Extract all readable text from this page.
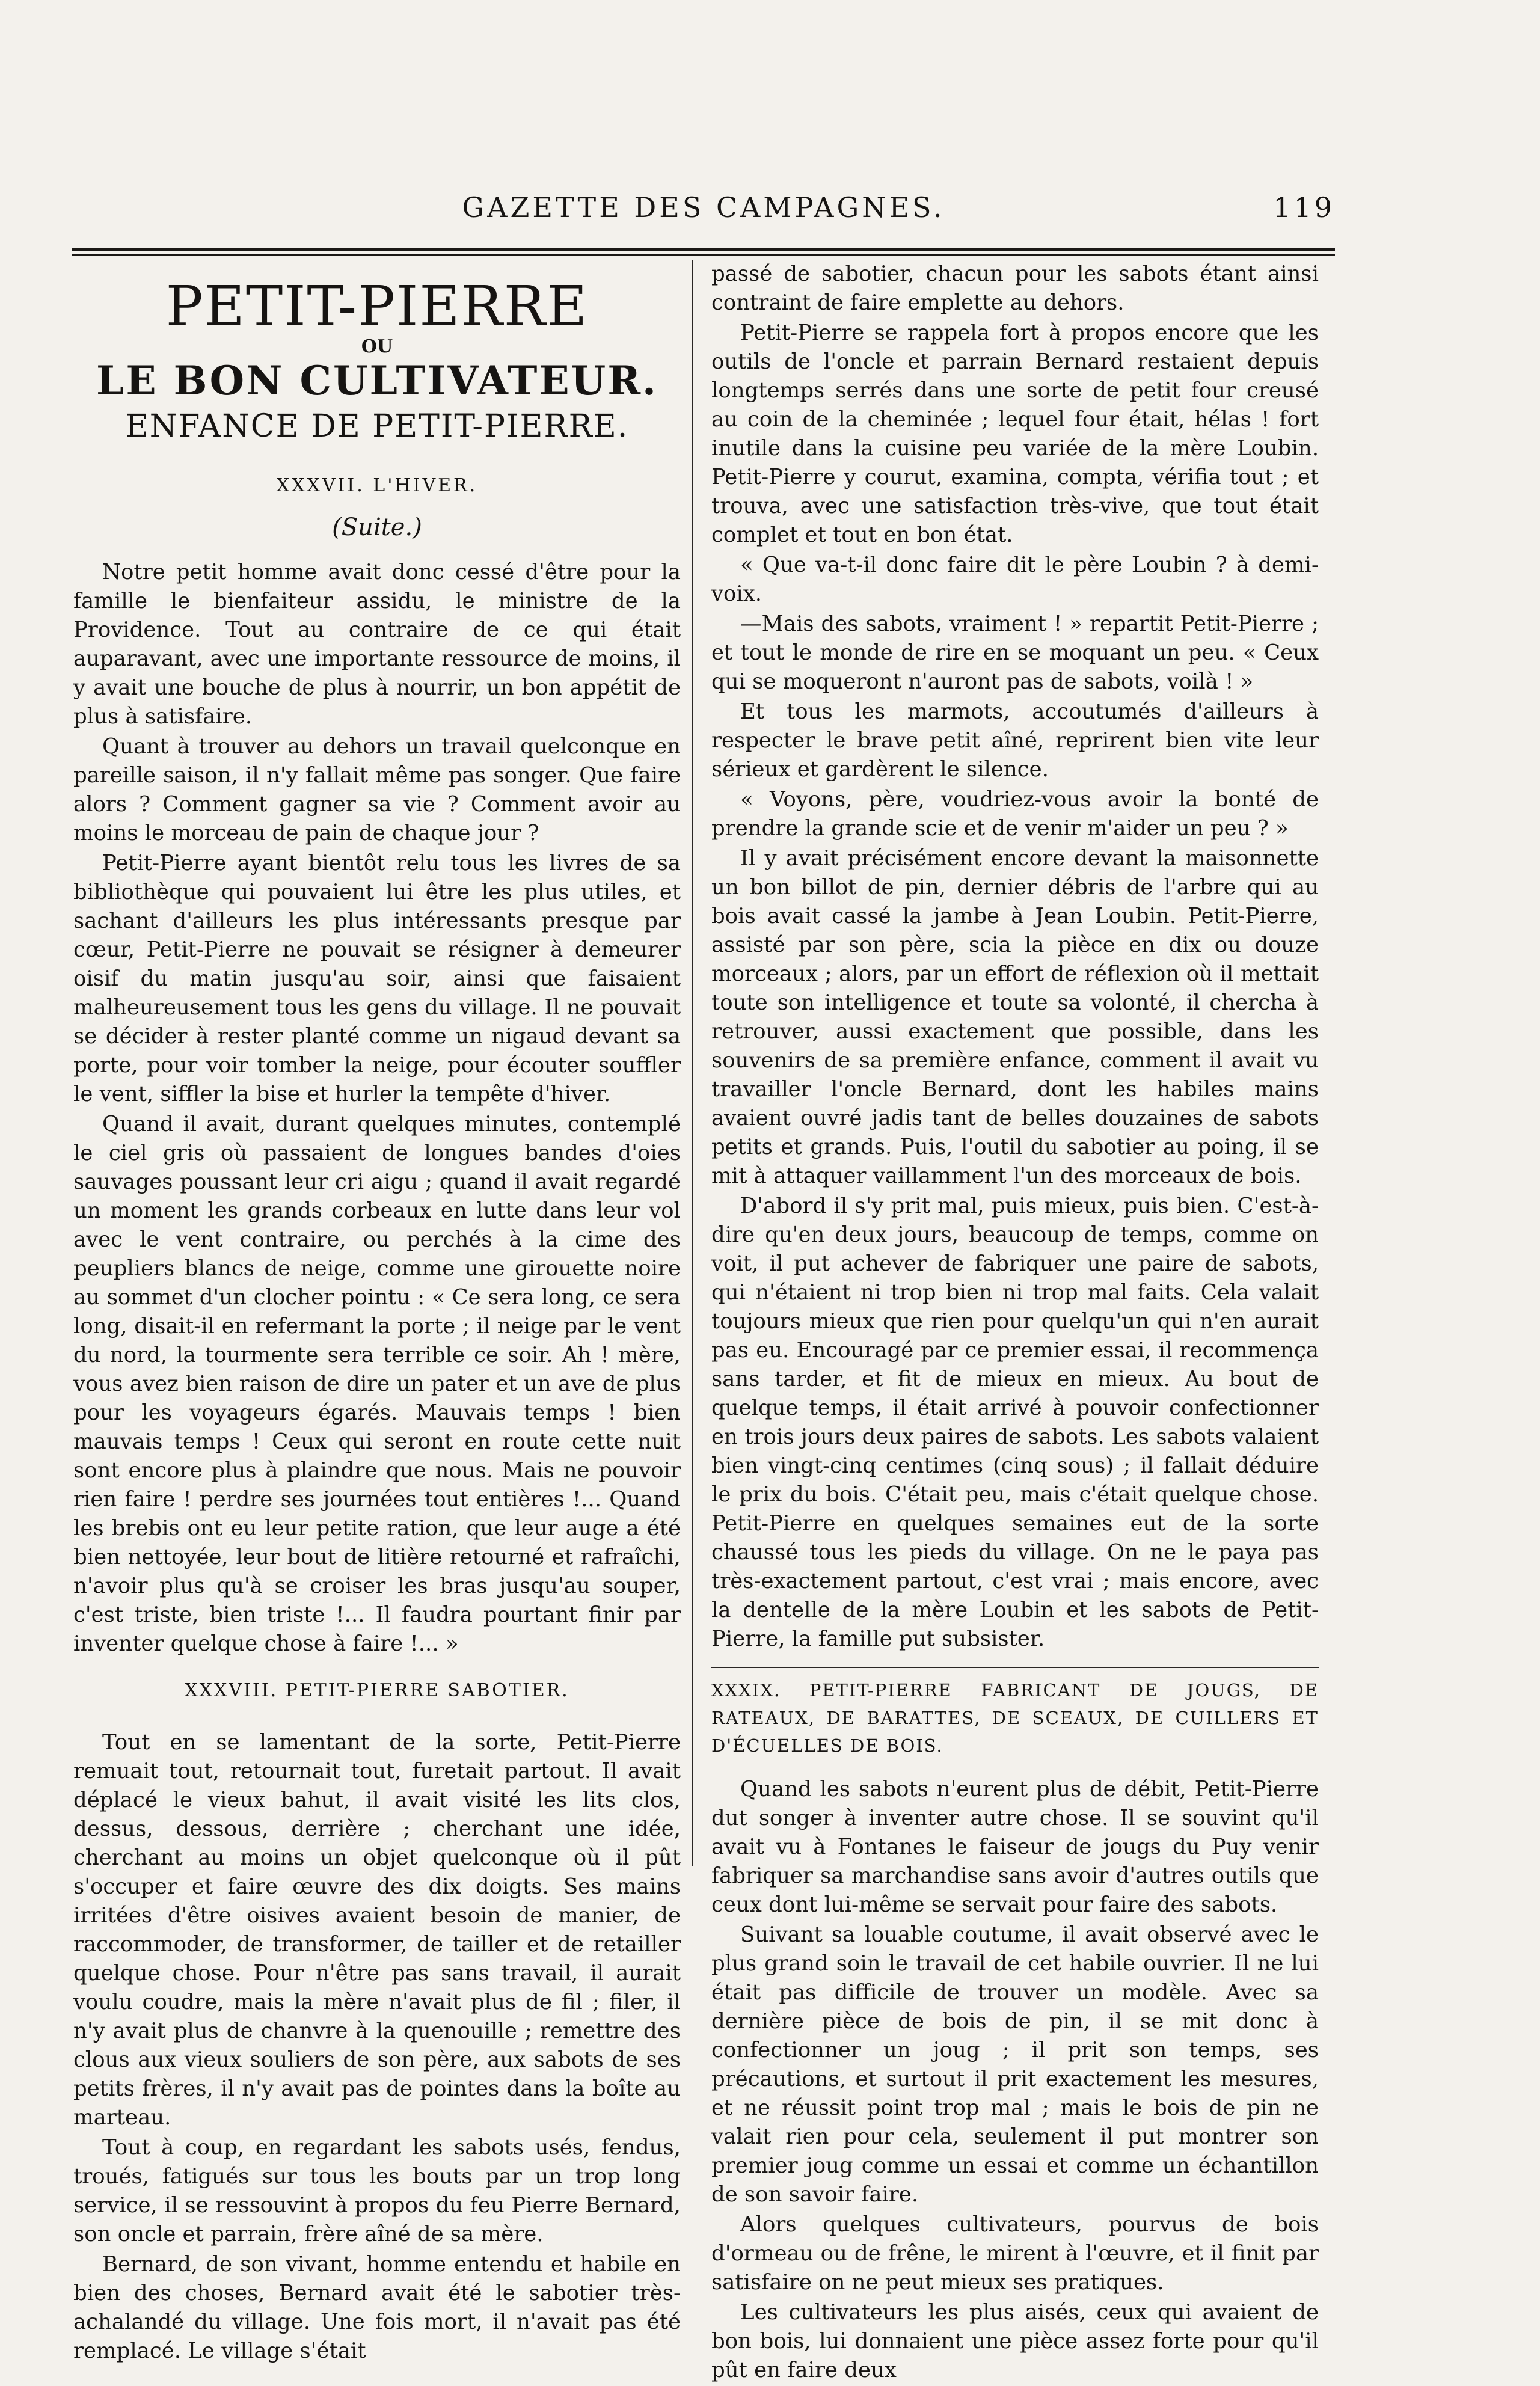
GAZETTE DES CAMPAGNES.	119
PETIT-PIERRE
OU
LE BON CULTIVATEUR.
ENFANCE DE PETIT-PIERRE.
XXXVII. L'HIVER.
(Suite.)

Notre petit homme avait donc cessé d'être pour la famille le bienfaiteur assidu, le ministre de la Providence. Tout au contraire de ce qui était auparavant, avec une importante ressource de moins, il y avait une bouche de plus à nourrir, un bon appétit de plus à satisfaire.

Quant à trouver au dehors un travail quelconque en pareille saison, il n'y fallait même pas songer. Que faire alors ? Comment gagner sa vie ? Comment avoir au moins le morceau de pain de chaque jour ?

Petit-Pierre ayant bientôt relu tous les livres de sa bibliothèque qui pouvaient lui être les plus utiles, et sachant d'ailleurs les plus intéressants presque par cœur, Petit-Pierre ne pouvait se résigner à demeurer oisif du matin jusqu'au soir, ainsi que faisaient malheureusement tous les gens du village. Il ne pouvait se décider à rester planté comme un nigaud devant sa porte, pour voir tomber la neige, pour écouter souffler le vent, siffler la bise et hurler la tempête d'hiver.

Quand il avait, durant quelques minutes, contemplé le ciel gris où passaient de longues bandes d'oies sauvages poussant leur cri aigu ; quand il avait regardé un moment les grands corbeaux en lutte dans leur vol avec le vent contraire, ou perchés à la cime des peupliers blancs de neige, comme une girouette noire au sommet d'un clocher pointu : « Ce sera long, ce sera long, disait-il en refermant la porte ; il neige par le vent du nord, la tourmente sera terrible ce soir. Ah ! mère, vous avez bien raison de dire un pater et un ave de plus pour les voyageurs égarés. Mauvais temps ! bien mauvais temps ! Ceux qui seront en route cette nuit sont encore plus à plaindre que nous. Mais ne pouvoir rien faire ! perdre ses journées tout entières !... Quand les brebis ont eu leur petite ration, que leur auge a été bien nettoyée, leur bout de litière retourné et rafraîchi, n'avoir plus qu'à se croiser les bras jusqu'au souper, c'est triste, bien triste !... Il faudra pourtant finir par inventer quelque chose à faire !... »

XXXVIII. PETIT-PIERRE SABOTIER.

Tout en se lamentant de la sorte, Petit-Pierre remuait tout, retournait tout, furetait partout. Il avait déplacé le vieux bahut, il avait visité les lits clos, dessus, dessous, derrière ; cherchant une idée, cherchant au moins un objet quelconque où il pût s'occuper et faire œuvre des dix doigts. Ses mains irritées d'être oisives avaient besoin de manier, de raccommoder, de transformer, de tailler et de retailler quelque chose. Pour n'être pas sans travail, il aurait voulu coudre, mais la mère n'avait plus de fil ; filer, il n'y avait plus de chanvre à la quenouille ; remettre des clous aux vieux souliers de son père, aux sabots de ses petits frères, il n'y avait pas de pointes dans la boîte au marteau.

Tout à coup, en regardant les sabots usés, fendus, troués, fatigués sur tous les bouts par un trop long service, il se ressouvint à propos du feu Pierre Bernard, son oncle et parrain, frère aîné de sa mère.

Bernard, de son vivant, homme entendu et habile en bien des choses, Bernard avait été le sabotier très-achalandé du village. Une fois mort, il n'avait pas été remplacé. Le village s'était

passé de sabotier, chacun pour les sabots étant ainsi contraint de faire emplette au dehors.

Petit-Pierre se rappela fort à propos encore que les outils de l'oncle et parrain Bernard restaient depuis longtemps serrés dans une sorte de petit four creusé au coin de la cheminée ; lequel four était, hélas ! fort inutile dans la cuisine peu variée de la mère Loubin. Petit-Pierre y courut, examina, compta, vérifia tout ; et trouva, avec une satisfaction très-vive, que tout était complet et tout en bon état.

« Que va-t-il donc faire dit le père Loubin ? à demi-voix.

—Mais des sabots, vraiment ! » repartit Petit-Pierre ; et tout le monde de rire en se moquant un peu. « Ceux qui se moqueront n'auront pas de sabots, voilà ! »

Et tous les marmots, accoutumés d'ailleurs à respecter le brave petit aîné, reprirent bien vite leur sérieux et gardèrent le silence.

« Voyons, père, voudriez-vous avoir la bonté de prendre la grande scie et de venir m'aider un peu ? »

Il y avait précisément encore devant la maisonnette un bon billot de pin, dernier débris de l'arbre qui au bois avait cassé la jambe à Jean Loubin. Petit-Pierre, assisté par son père, scia la pièce en dix ou douze morceaux ; alors, par un effort de réflexion où il mettait toute son intelligence et toute sa volonté, il chercha à retrouver, aussi exactement que possible, dans les souvenirs de sa première enfance, comment il avait vu travailler l'oncle Bernard, dont les habiles mains avaient ouvré jadis tant de belles douzaines de sabots petits et grands. Puis, l'outil du sabotier au poing, il se mit à attaquer vaillamment l'un des morceaux de bois.

D'abord il s'y prit mal, puis mieux, puis bien. C'est-à-dire qu'en deux jours, beaucoup de temps, comme on voit, il put achever de fabriquer une paire de sabots, qui n'étaient ni trop bien ni trop mal faits. Cela valait toujours mieux que rien pour quelqu'un qui n'en aurait pas eu. Encouragé par ce premier essai, il recommença sans tarder, et fit de mieux en mieux. Au bout de quelque temps, il était arrivé à pouvoir confectionner en trois jours deux paires de sabots. Les sabots valaient bien vingt-cinq centimes (cinq sous) ; il fallait déduire le prix du bois. C'était peu, mais c'était quelque chose. Petit-Pierre en quelques semaines eut de la sorte chaussé tous les pieds du village. On ne le paya pas très-exactement partout, c'est vrai ; mais encore, avec la dentelle de la mère Loubin et les sabots de Petit-Pierre, la famille put subsister.

XXXIX. PETIT-PIERRE FABRICANT DE JOUGS, DE RATEAUX, DE BARATTES, DE SCEAUX, DE CUILLERS ET D'ÉCUELLES DE BOIS.

Quand les sabots n'eurent plus de débit, Petit-Pierre dut songer à inventer autre chose. Il se souvint qu'il avait vu à Fontanes le faiseur de jougs du Puy venir fabriquer sa marchandise sans avoir d'autres outils que ceux dont lui-même se servait pour faire des sabots.

Suivant sa louable coutume, il avait observé avec le plus grand soin le travail de cet habile ouvrier. Il ne lui était pas difficile de trouver un modèle. Avec sa dernière pièce de bois de pin, il se mit donc à confectionner un joug ; il prit son temps, ses précautions, et surtout il prit exactement les mesures, et ne réussit point trop mal ; mais le bois de pin ne valait rien pour cela, seulement il put montrer son premier joug comme un essai et comme un échantillon de son savoir faire.

Alors quelques cultivateurs, pourvus de bois d'ormeau ou de frêne, le mirent à l'œuvre, et il finit par satisfaire on ne peut mieux ses pratiques.

Les cultivateurs les plus aisés, ceux qui avaient de bon bois, lui donnaient une pièce assez forte pour qu'il pût en faire deux
